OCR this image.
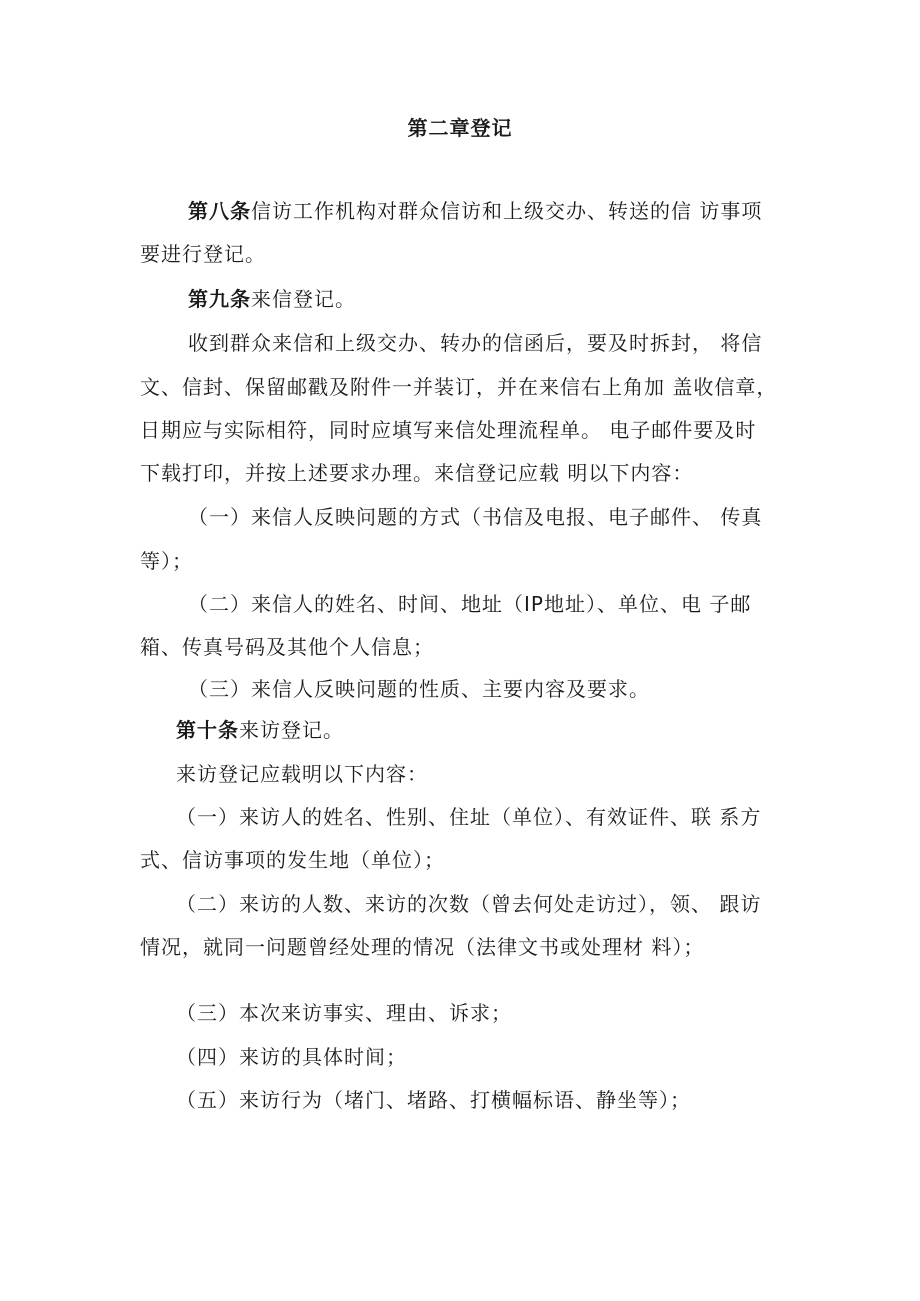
第二章登记
第八条信访工作机构对群众信访和上级交办、转送的信 访事项
要进行登记。
第九条来信登记。
收到群众来信和上级交办、转办的信函后，要及时拆封， 将信
文、信封、保留邮戳及附件一并装订，并在来信右上角加 盖收信章，
日期应与实际相符，同时应填写来信处理流程单。 电子邮件要及时
下载打印，并按上述要求办理。来信登记应载 明以下内容：
（一）来信人反映问题的方式（书信及电报、电子邮件、 传真
等）；
（二）来信人的姓名、时间、地址（IP地址）、单位、电 子邮
箱、传真号码及其他个人信息；
（三）来信人反映问题的性质、主要内容及要求。
第十条来访登记。
来访登记应载明以下内容：
（一）来访人的姓名、性别、住址（单位）、有效证件、联 系方
式、信访事项的发生地（单位）；
（二）来访的人数、来访的次数（曾去何处走访过），领、 跟访
情况，就同一问题曾经处理的情况（法律文书或处理材 料）；
（三）本次来访事实、理由、诉求；
（四）来访的具体时间；
（五）来访行为（堵门、堵路、打横幅标语、静坐等）；
